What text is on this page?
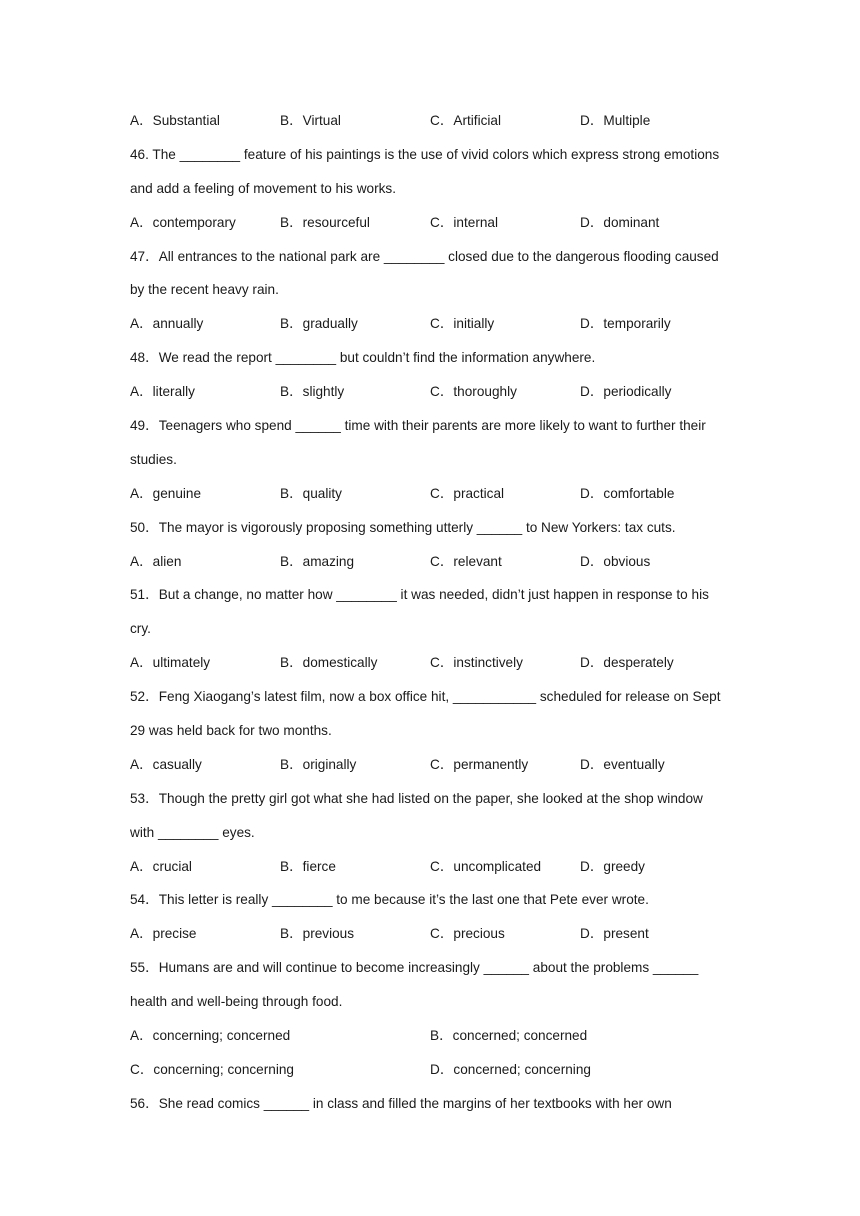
A．Substantial	B．Virtual	C．Artificial	D．Multiple
46. The ________ feature of his paintings is the use of vivid colors which express strong emotions
and add a feeling of movement to his works.
A．contemporary	B．resourceful	C．internal	D．dominant
47．All entrances to the national park are ________ closed due to the dangerous flooding caused
by the recent heavy rain.
A．annually	B．gradually	C．initially	D．temporarily
48．We read the report ________ but couldn’t find the information anywhere.
A．literally	B．slightly	C．thoroughly	D．periodically
49．Teenagers who spend ______ time with their parents are more likely to want to further their
studies.
A．genuine	B．quality	C．practical	D．comfortable
50．The mayor is vigorously proposing something utterly ______ to New Yorkers: tax cuts.
A．alien	B．amazing	C．relevant	D．obvious
51．But a change, no matter how ________ it was needed, didn’t just happen in response to his
cry.
A．ultimately	B．domestically	C．instinctively	D．desperately
52．Feng Xiaogang’s latest film, now a box office hit, ___________ scheduled for release on Sept
29 was held back for two months.
A．casually	B．originally	C．permanently	D．eventually
53．Though the pretty girl got what she had listed on the paper, she looked at the shop window
with ________ eyes.
A．crucial	B．fierce	C．uncomplicated	D．greedy
54．This letter is really ________ to me because it’s the last one that Pete ever wrote.
A．precise	B．previous	C．precious	D．present
55．Humans are and will continue to become increasingly ______ about the problems ______
health and well-being through food.
A．concerning; concerned	B．concerned; concerned
C．concerning; concerning	D．concerned; concerning
56．She read comics ______ in class and filled the margins of her textbooks with her own
